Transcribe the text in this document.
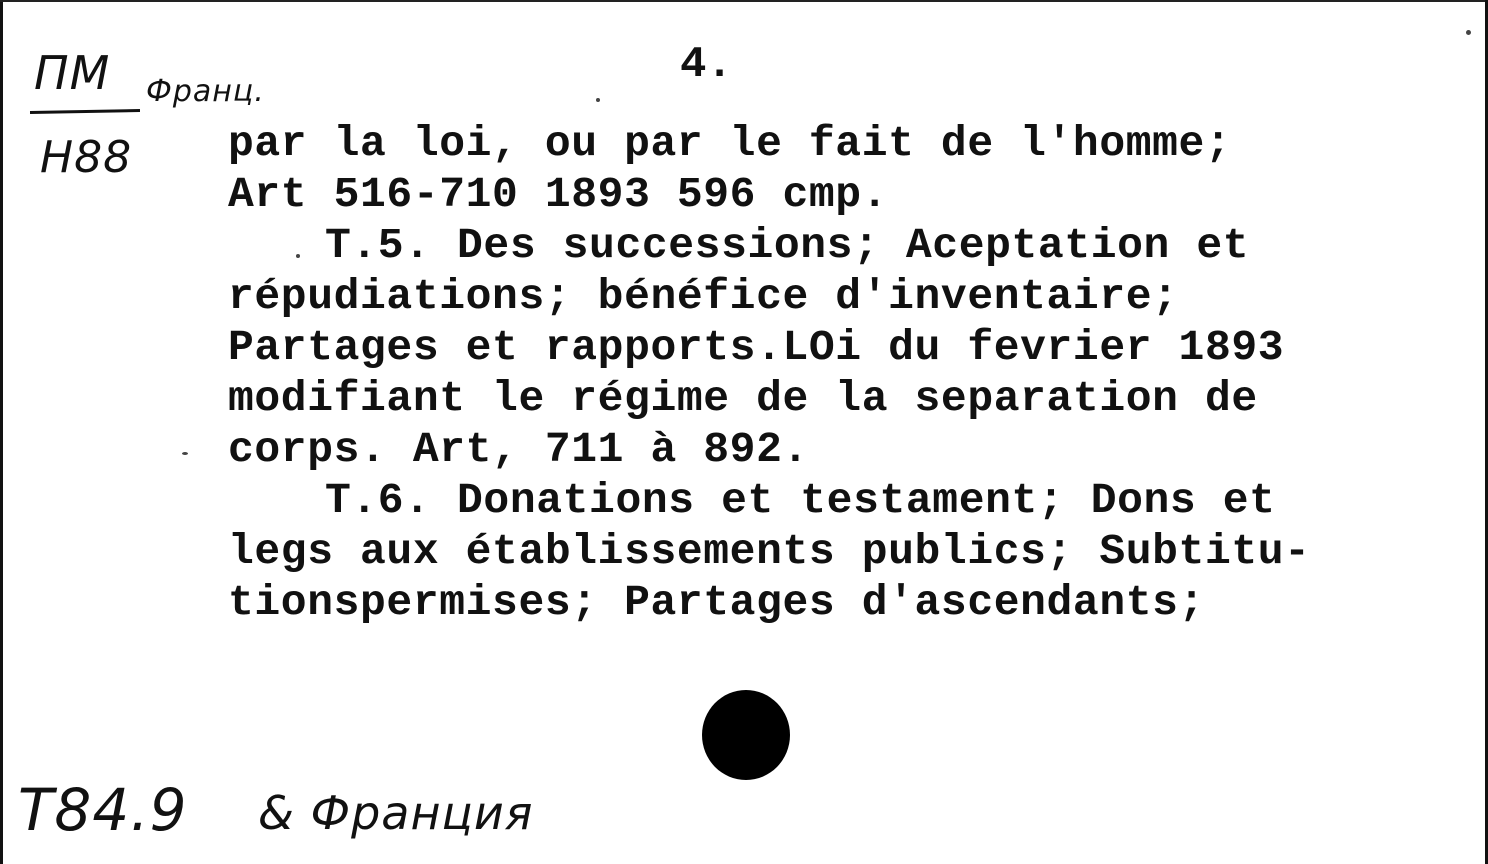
ПМ Франц.
Н88
4.
par la loi, ou par le fait de l'homme;
Art 516-710 1893 596 cmp.
T.5. Des successions; Aceptation et
répudiations; bénéfice d'inventaire;
Partages et rapports.LOi du fevrier 1893
modifiant le régime de la separation de
corps. Art, 711 à 892.
T.6. Donations et testament; Dons et
legs aux établissements publics; Subtitu-
tionspermises; Partages d'ascendants;
Т84.9 & Франция
